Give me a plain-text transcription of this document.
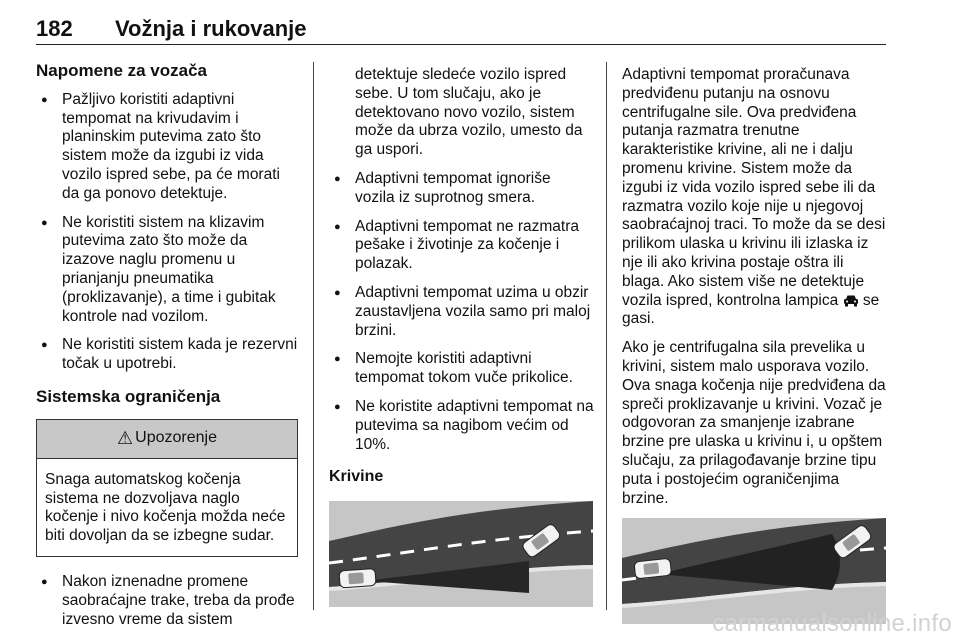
182 Vožnja i rukovanje
Napomene za vozača
● Pažljivo koristiti adaptivni tempomat na krivudavim i planinskim putevima zato što sistem može da izgubi iz vida vozilo ispred sebe, pa će morati da ga ponovo detektuje.
● Ne koristiti sistem na klizavim putevima zato što može da izazove naglu promenu u prianjanju pneumatika (proklizavanje), a time i gubitak kontrole nad vozilom.
● Ne koristiti sistem kada je rezervni točak u upotrebi.
Sistemska ograničenja
⚠ Upozorenje
Snaga automatskog kočenja sistema ne dozvoljava naglo kočenje i nivo kočenja možda neće biti dovoljan da se izbegne sudar.
● Nakon iznenadne promene saobraćajne trake, treba da prođe izvesno vreme da sistem

detektuje sledeće vozilo ispred sebe. U tom slučaju, ako je detektovano novo vozilo, sistem može da ubrza vozilo, umesto da ga uspori.

● Adaptivni tempomat ignoriše vozila iz suprotnog smera.
● Adaptivni tempomat ne razmatra pešake i životinje za kočenje i polazak.
● Adaptivni tempomat uzima u obzir zaustavljena vozila samo pri maloj brzini.
● Nemojte koristiti adaptivni tempomat tokom vuče prikolice.
● Ne koristite adaptivni tempomat na putevima sa nagibom većim od 10%.
Krivine

Adaptivni tempomat proračunava predviđenu putanju na osnovu centrifugalne sile. Ova predviđena putanja razmatra trenutne karakteristike krivine, ali ne i dalju promenu krivine. Sistem može da izgubi iz vida vozilo ispred sebe ili da razmatra vozilo koje nije u njegovoj saobraćajnoj traci. To može da se desi prilikom ulaska u krivinu ili izlaska iz nje ili ako krivina postaje oštra ili blaga. Ako sistem više ne detektuje vozila ispred, kontrolna lampica se gasi.

Ako je centrifugalna sila prevelika u krivini, sistem malo usporava vozilo. Ova snaga kočenja nije predviđena da spreči proklizavanje u krivini. Vozač je odgovoran za smanjenje izabrane brzine pre ulaska u krivinu i, u opštem slučaju, za prilagođavanje brzine tipu puta i postojećim ograničenjima brzine.

carmanualsonline.info
